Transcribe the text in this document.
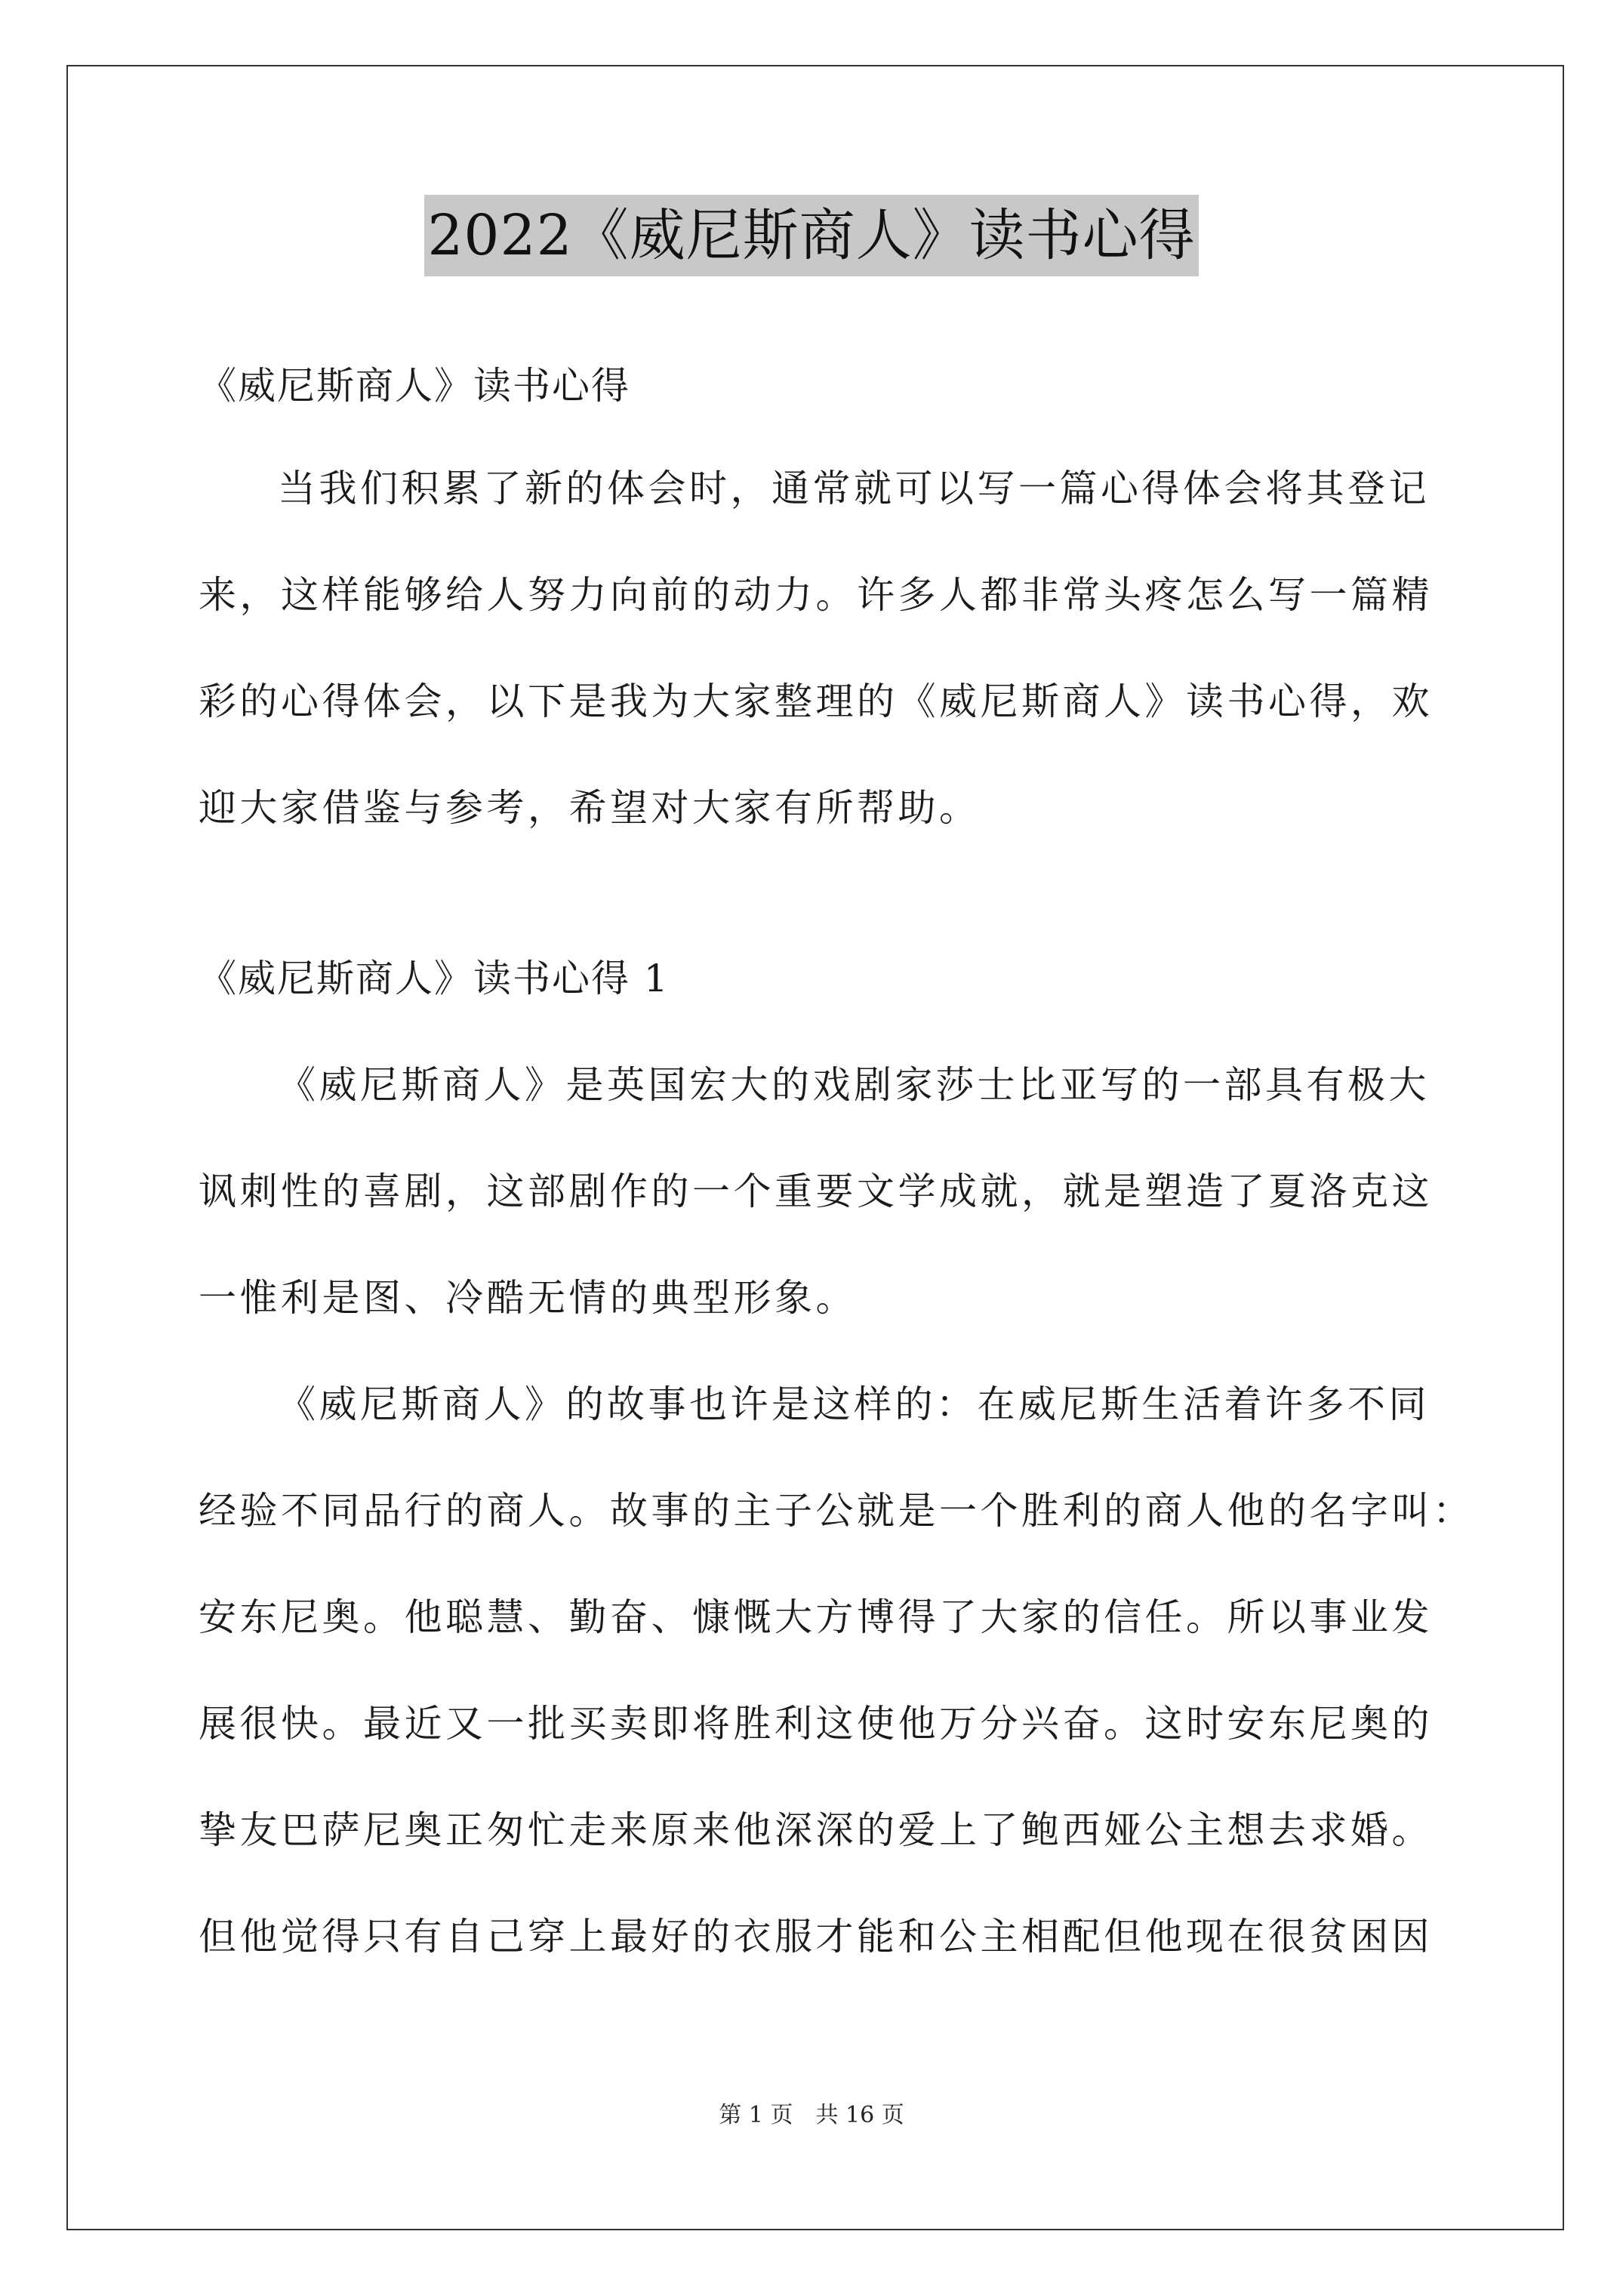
2022《威尼斯商人》读书心得
《威尼斯商人》读书心得
当我们积累了新的体会时，通常就可以写一篇心得体会将其登记
来，这样能够给人努力向前的动力。许多人都非常头疼怎么写一篇精
彩的心得体会，以下是我为大家整理的《威尼斯商人》读书心得，欢
迎大家借鉴与参考，希望对大家有所帮助。
《威尼斯商人》读书心得 1
《威尼斯商人》是英国宏大的戏剧家莎士比亚写的一部具有极大
讽刺性的喜剧，这部剧作的一个重要文学成就，就是塑造了夏洛克这
一惟利是图、冷酷无情的典型形象。
《威尼斯商人》的故事也许是这样的：在威尼斯生活着许多不同
经验不同品行的商人。故事的主子公就是一个胜利的商人他的名字叫：
安东尼奥。他聪慧、勤奋、慷慨大方博得了大家的信任。所以事业发
展很快。最近又一批买卖即将胜利这使他万分兴奋。这时安东尼奥的
挚友巴萨尼奥正匆忙走来原来他深深的爱上了鲍西娅公主想去求婚。
但他觉得只有自己穿上最好的衣服才能和公主相配但他现在很贫困因
第 1 页　共 16 页
